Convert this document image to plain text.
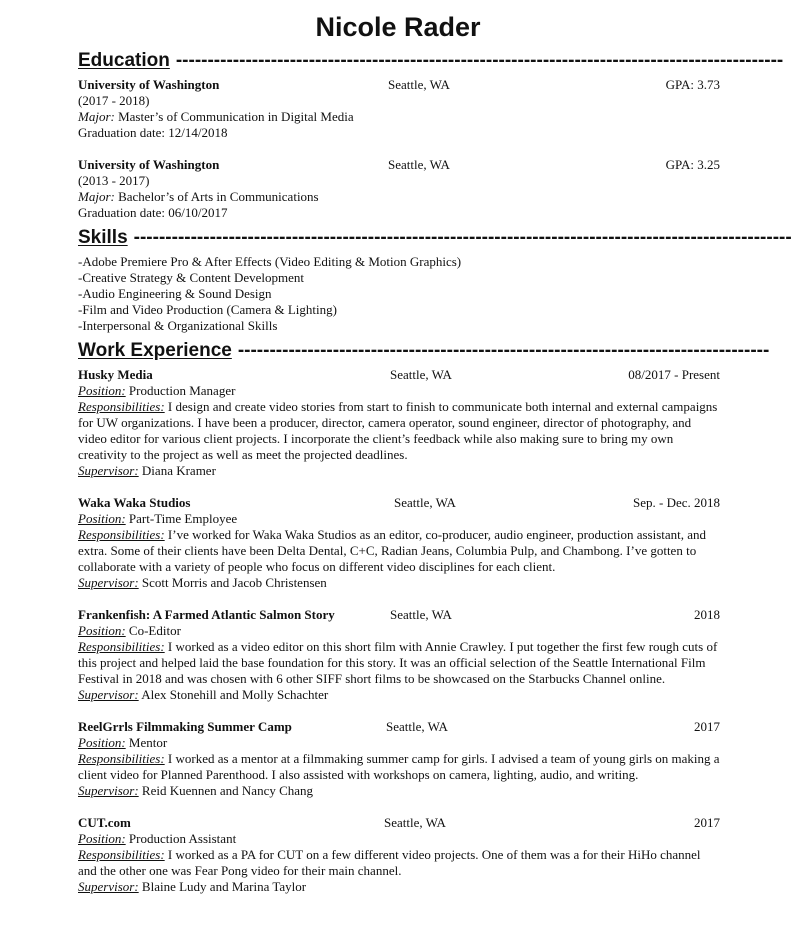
Nicole Rader
Education ------------------------------------------------------------------------------------------------
University of Washington	Seattle, WA	GPA: 3.73
(2017 - 2018)
Major: Master’s of Communication in Digital Media
Graduation date: 12/14/2018
University of Washington	Seattle, WA	GPA: 3.25
(2013 - 2017)
Major: Bachelor’s of Arts in Communications
Graduation date: 06/10/2017
Skills --------------------------------------------------------------------------------------------------------
-Adobe Premiere Pro & After Effects (Video Editing & Motion Graphics)
-Creative Strategy & Content Development
-Audio Engineering & Sound Design
-Film and Video Production (Camera & Lighting)
-Interpersonal & Organizational Skills
Work Experience ------------------------------------------------------------------------------------
Husky Media	Seattle, WA	08/2017 - Present
Position: Production Manager
Responsibilities: I design and create video stories from start to finish to communicate both internal and external campaigns for UW organizations. I have been a producer, director, camera operator, sound engineer, director of photography, and video editor for various client projects. I incorporate the client’s feedback while also making sure to bring my own creativity to the project as well as meet the projected deadlines.
Supervisor: Diana Kramer
Waka Waka Studios	Seattle, WA	Sep. - Dec. 2018
Position: Part-Time Employee
Responsibilities: I’ve worked for Waka Waka Studios as an editor, co-producer, audio engineer, production assistant, and extra. Some of their clients have been Delta Dental, C+C, Radian Jeans, Columbia Pulp, and Chambong. I’ve gotten to collaborate with a variety of people who focus on different video disciplines for each client.
Supervisor: Scott Morris and Jacob Christensen
Frankenfish: A Farmed Atlantic Salmon Story	Seattle, WA	2018
Position: Co-Editor
Responsibilities: I worked as a video editor on this short film with Annie Crawley. I put together the first few rough cuts of this project and helped laid the base foundation for this story. It was an official selection of the Seattle International Film Festival in 2018 and was chosen with 6 other SIFF short films to be showcased on the Starbucks Channel online.
Supervisor: Alex Stonehill and Molly Schachter
ReelGrrls Filmmaking Summer Camp	Seattle, WA	2017
Position: Mentor
Responsibilities: I worked as a mentor at a filmmaking summer camp for girls. I advised a team of young girls on making a client video for Planned Parenthood. I also assisted with workshops on camera, lighting, audio, and writing.
Supervisor: Reid Kuennen and Nancy Chang
CUT.com	Seattle, WA	2017
Position: Production Assistant
Responsibilities: I worked as a PA for CUT on a few different video projects. One of them was a for their HiHo channel and the other one was Fear Pong video for their main channel.
Supervisor: Blaine Ludy and Marina Taylor
